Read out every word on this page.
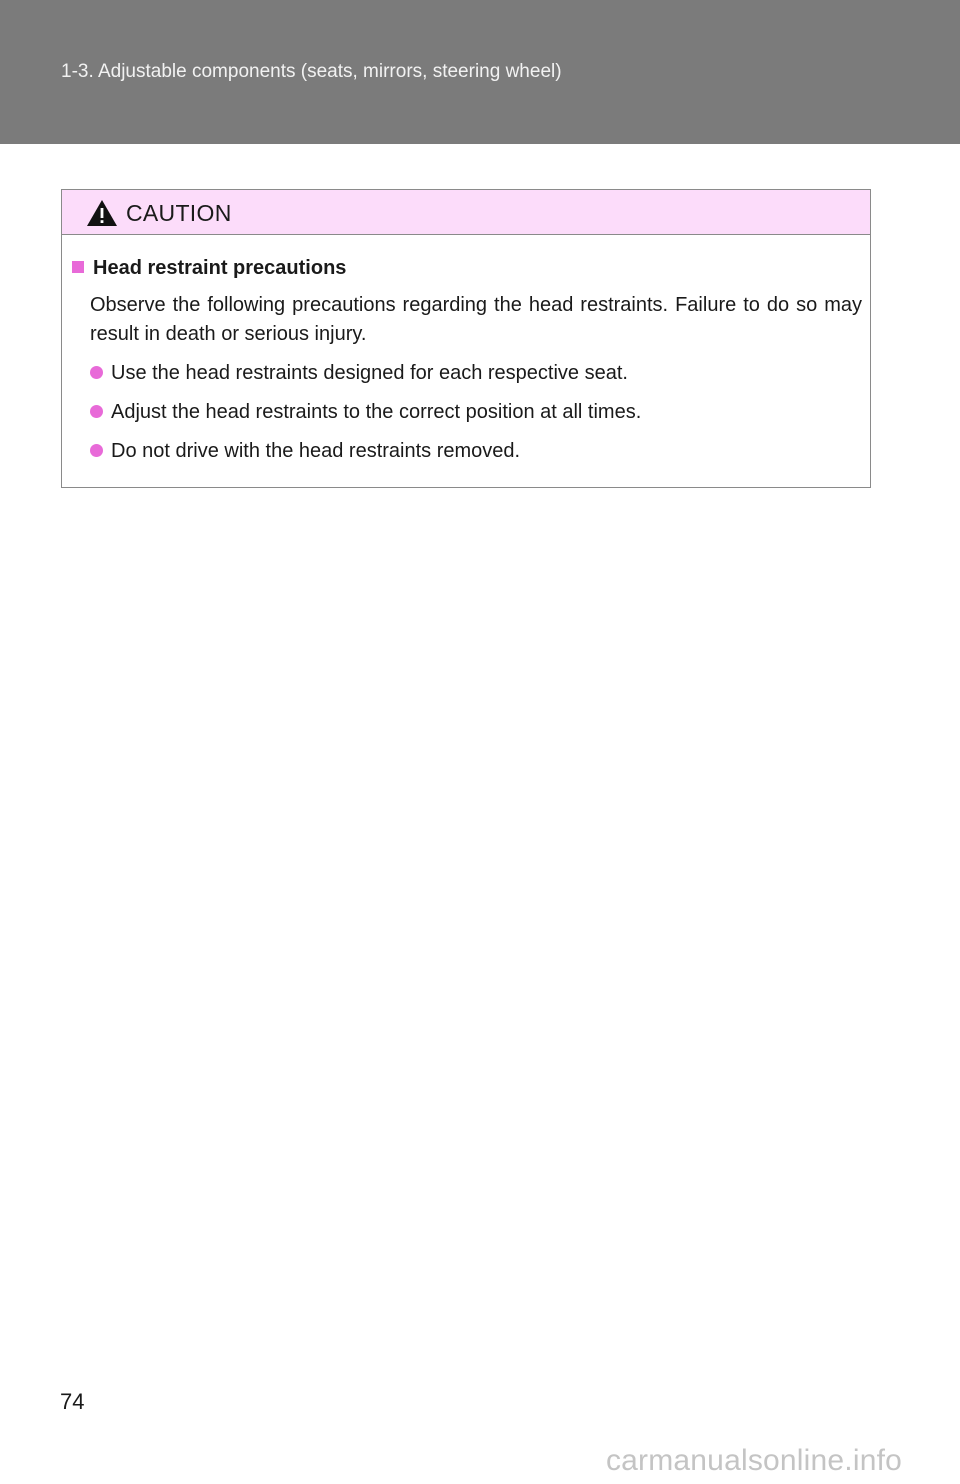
1-3. Adjustable components (seats, mirrors, steering wheel)
CAUTION
Head restraint precautions
Observe the following precautions regarding the head restraints. Failure to do so may result in death or serious injury.
Use the head restraints designed for each respective seat.
Adjust the head restraints to the correct position at all times.
Do not drive with the head restraints removed.
74
carmanualsonline.info
